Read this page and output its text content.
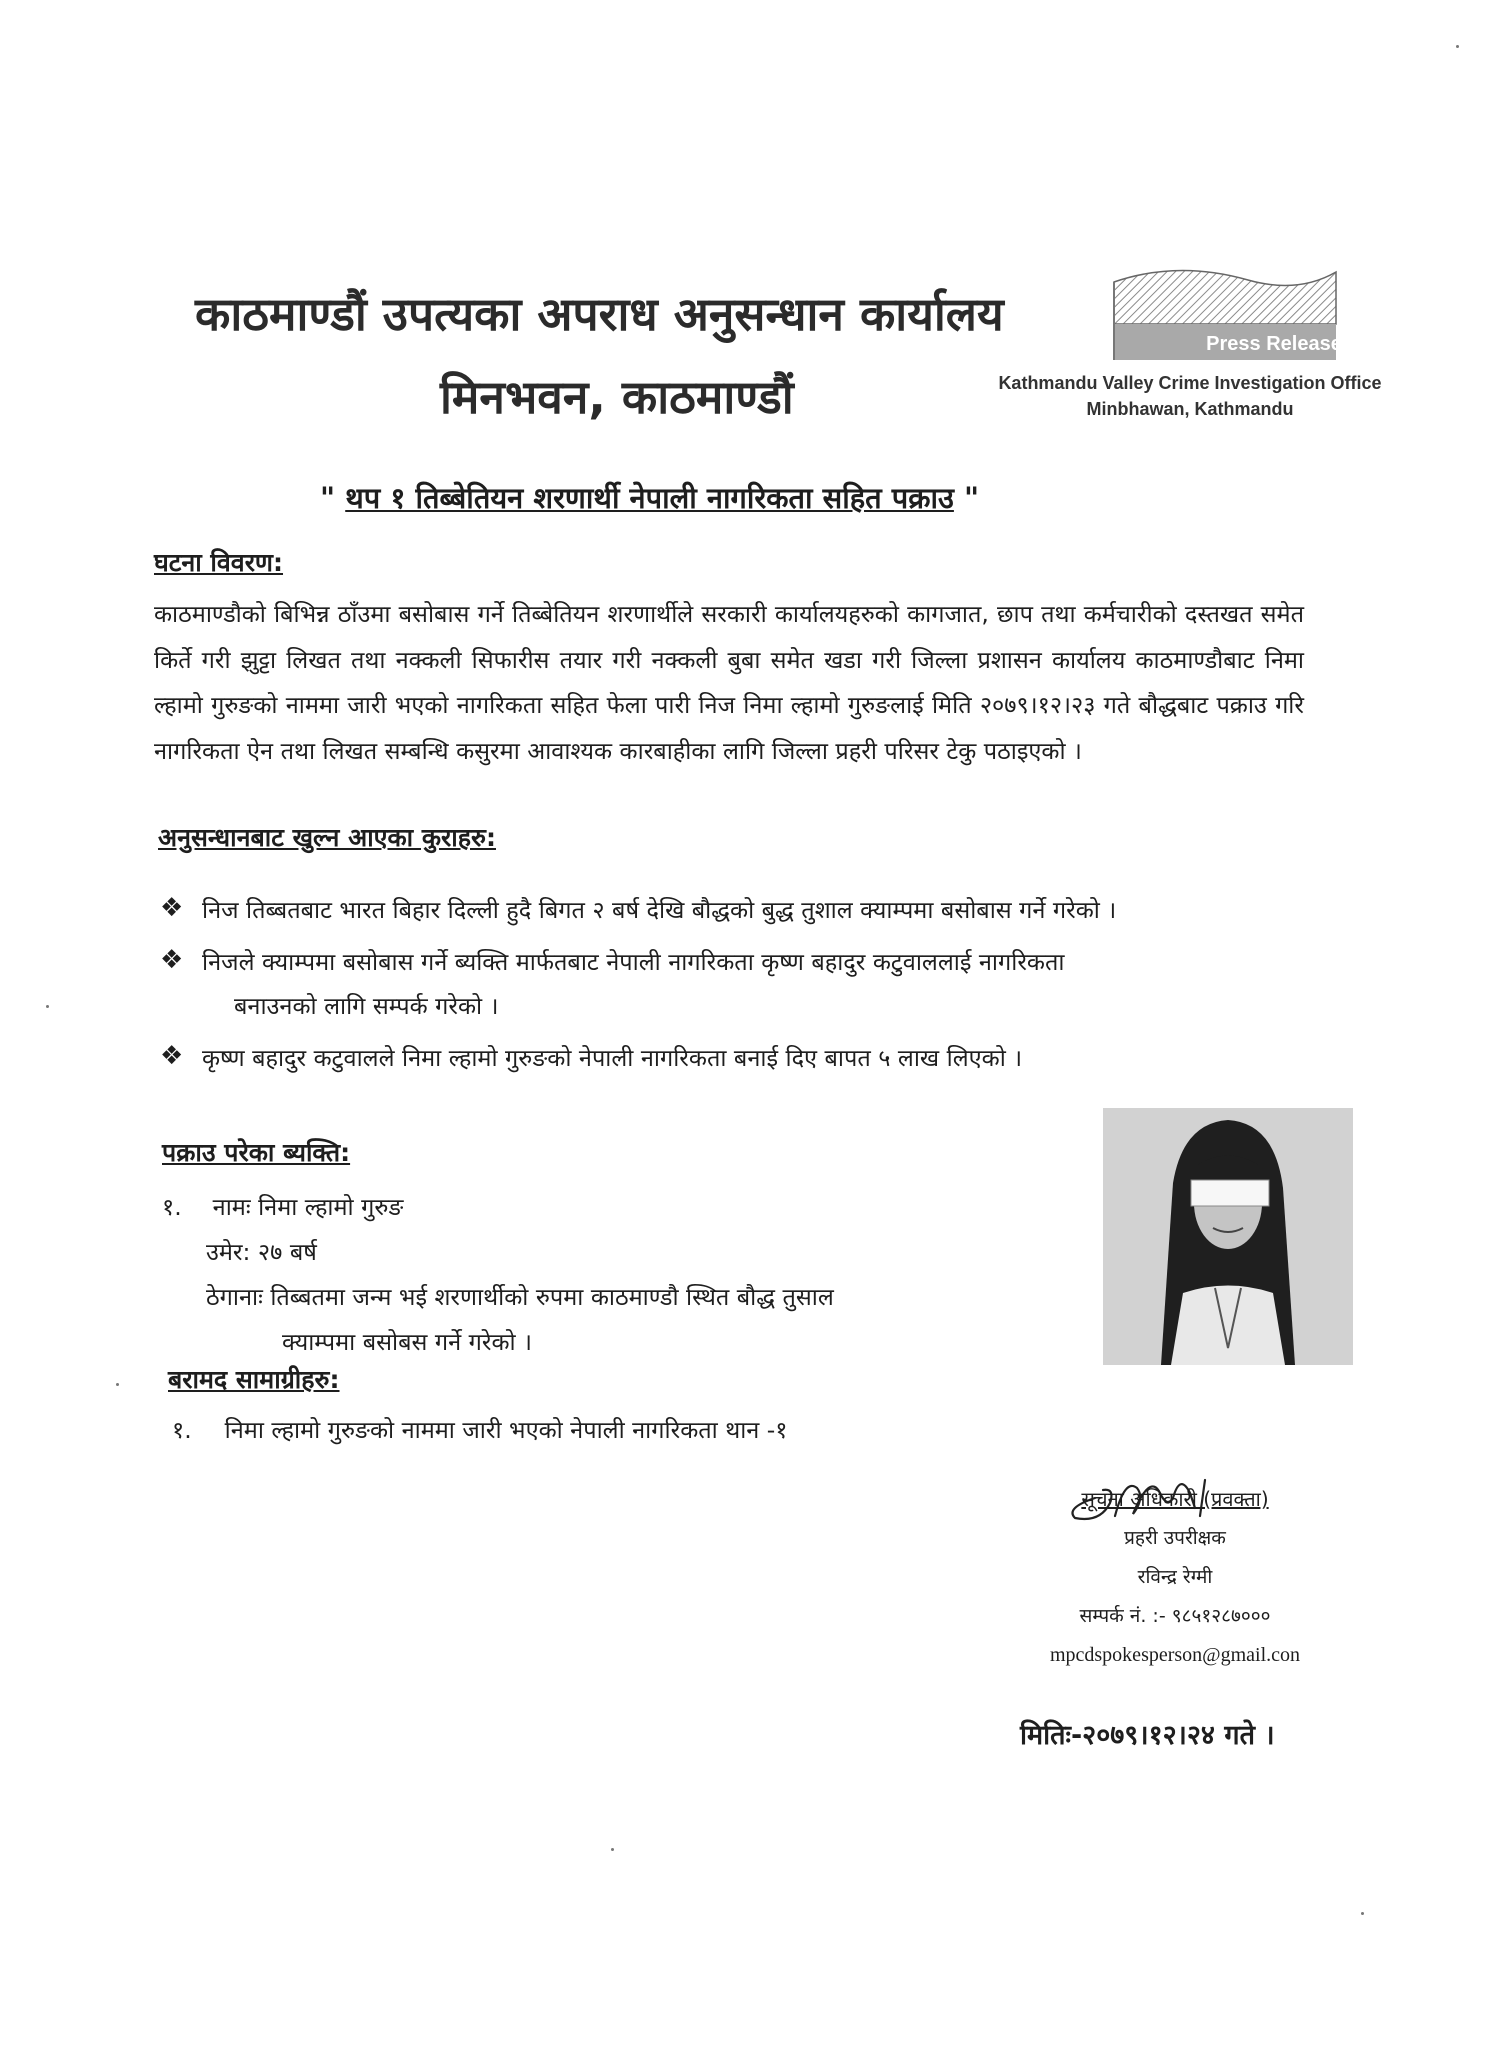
काठमाण्डौं उपत्यका अपराध अनुसन्धान कार्यालय
मिनभवन, काठमाण्डौं
Press Release
Kathmandu Valley Crime Investigation Office
Minbhawan, Kathmandu
" थप १ तिब्बेतियन शरणार्थी नेपाली नागरिकता सहित पक्राउ "
घटना विवरण:
काठमाण्डौको बिभिन्न ठाँउमा बसोबास गर्ने तिब्बेतियन शरणार्थीले सरकारी कार्यालयहरुको कागजात, छाप तथा कर्मचारीको दस्तखत समेत किर्ते गरी झुट्टा लिखत तथा नक्कली सिफारीस तयार गरी नक्कली बुबा समेत खडा गरी जिल्ला प्रशासन कार्यालय काठमाण्डौबाट निमा ल्हामो गुरुङको नाममा जारी भएको नागरिकता सहित फेला पारी निज निमा ल्हामो गुरुङलाई मिति २०७९।१२।२३ गते बौद्धबाट पक्राउ गरि नागरिकता ऐन तथा लिखत सम्बन्धि कसुरमा आवाश्यक कारबाहीका लागि जिल्ला प्रहरी परिसर टेकु पठाइएको ।
अनुसन्धानबाट खुल्न आएका कुराहरु:
❖ निज तिब्बतबाट भारत बिहार दिल्ली हुदै बिगत २ बर्ष देखि बौद्धको बुद्ध तुशाल क्याम्पमा बसोबास गर्ने गरेको ।
❖ निजले क्याम्पमा बसोबास गर्ने ब्यक्ति मार्फतबाट नेपाली नागरिकता कृष्ण बहादुर कटुवाललाई नागरिकता
बनाउनको लागि सम्पर्क गरेको ।
❖ कृष्ण बहादुर कटुवालले निमा ल्हामो गुरुङको नेपाली नागरिकता बनाई दिए बापत ५ लाख लिएको ।
पक्राउ परेका ब्यक्ति:
१. नामः निमा ल्हामो गुरुङ
उमेर: २७ बर्ष
ठेगानाः तिब्बतमा जन्म भई शरणार्थीको रुपमा काठमाण्डौ स्थित बौद्ध तुसाल
क्याम्पमा बसोबस गर्ने गरेको ।
बरामद सामाग्रीहरु:
१. निमा ल्हामो गुरुङको नाममा जारी भएको नेपाली नागरिकता थान -१
सूचना अधिकारी (प्रवक्ता)
प्रहरी उपरीक्षक
रविन्द्र रेग्मी
सम्पर्क नं. :- ९८५१२८७०००
mpcdspokesperson@gmail.con
मितिः-२०७९।१२।२४ गते ।
